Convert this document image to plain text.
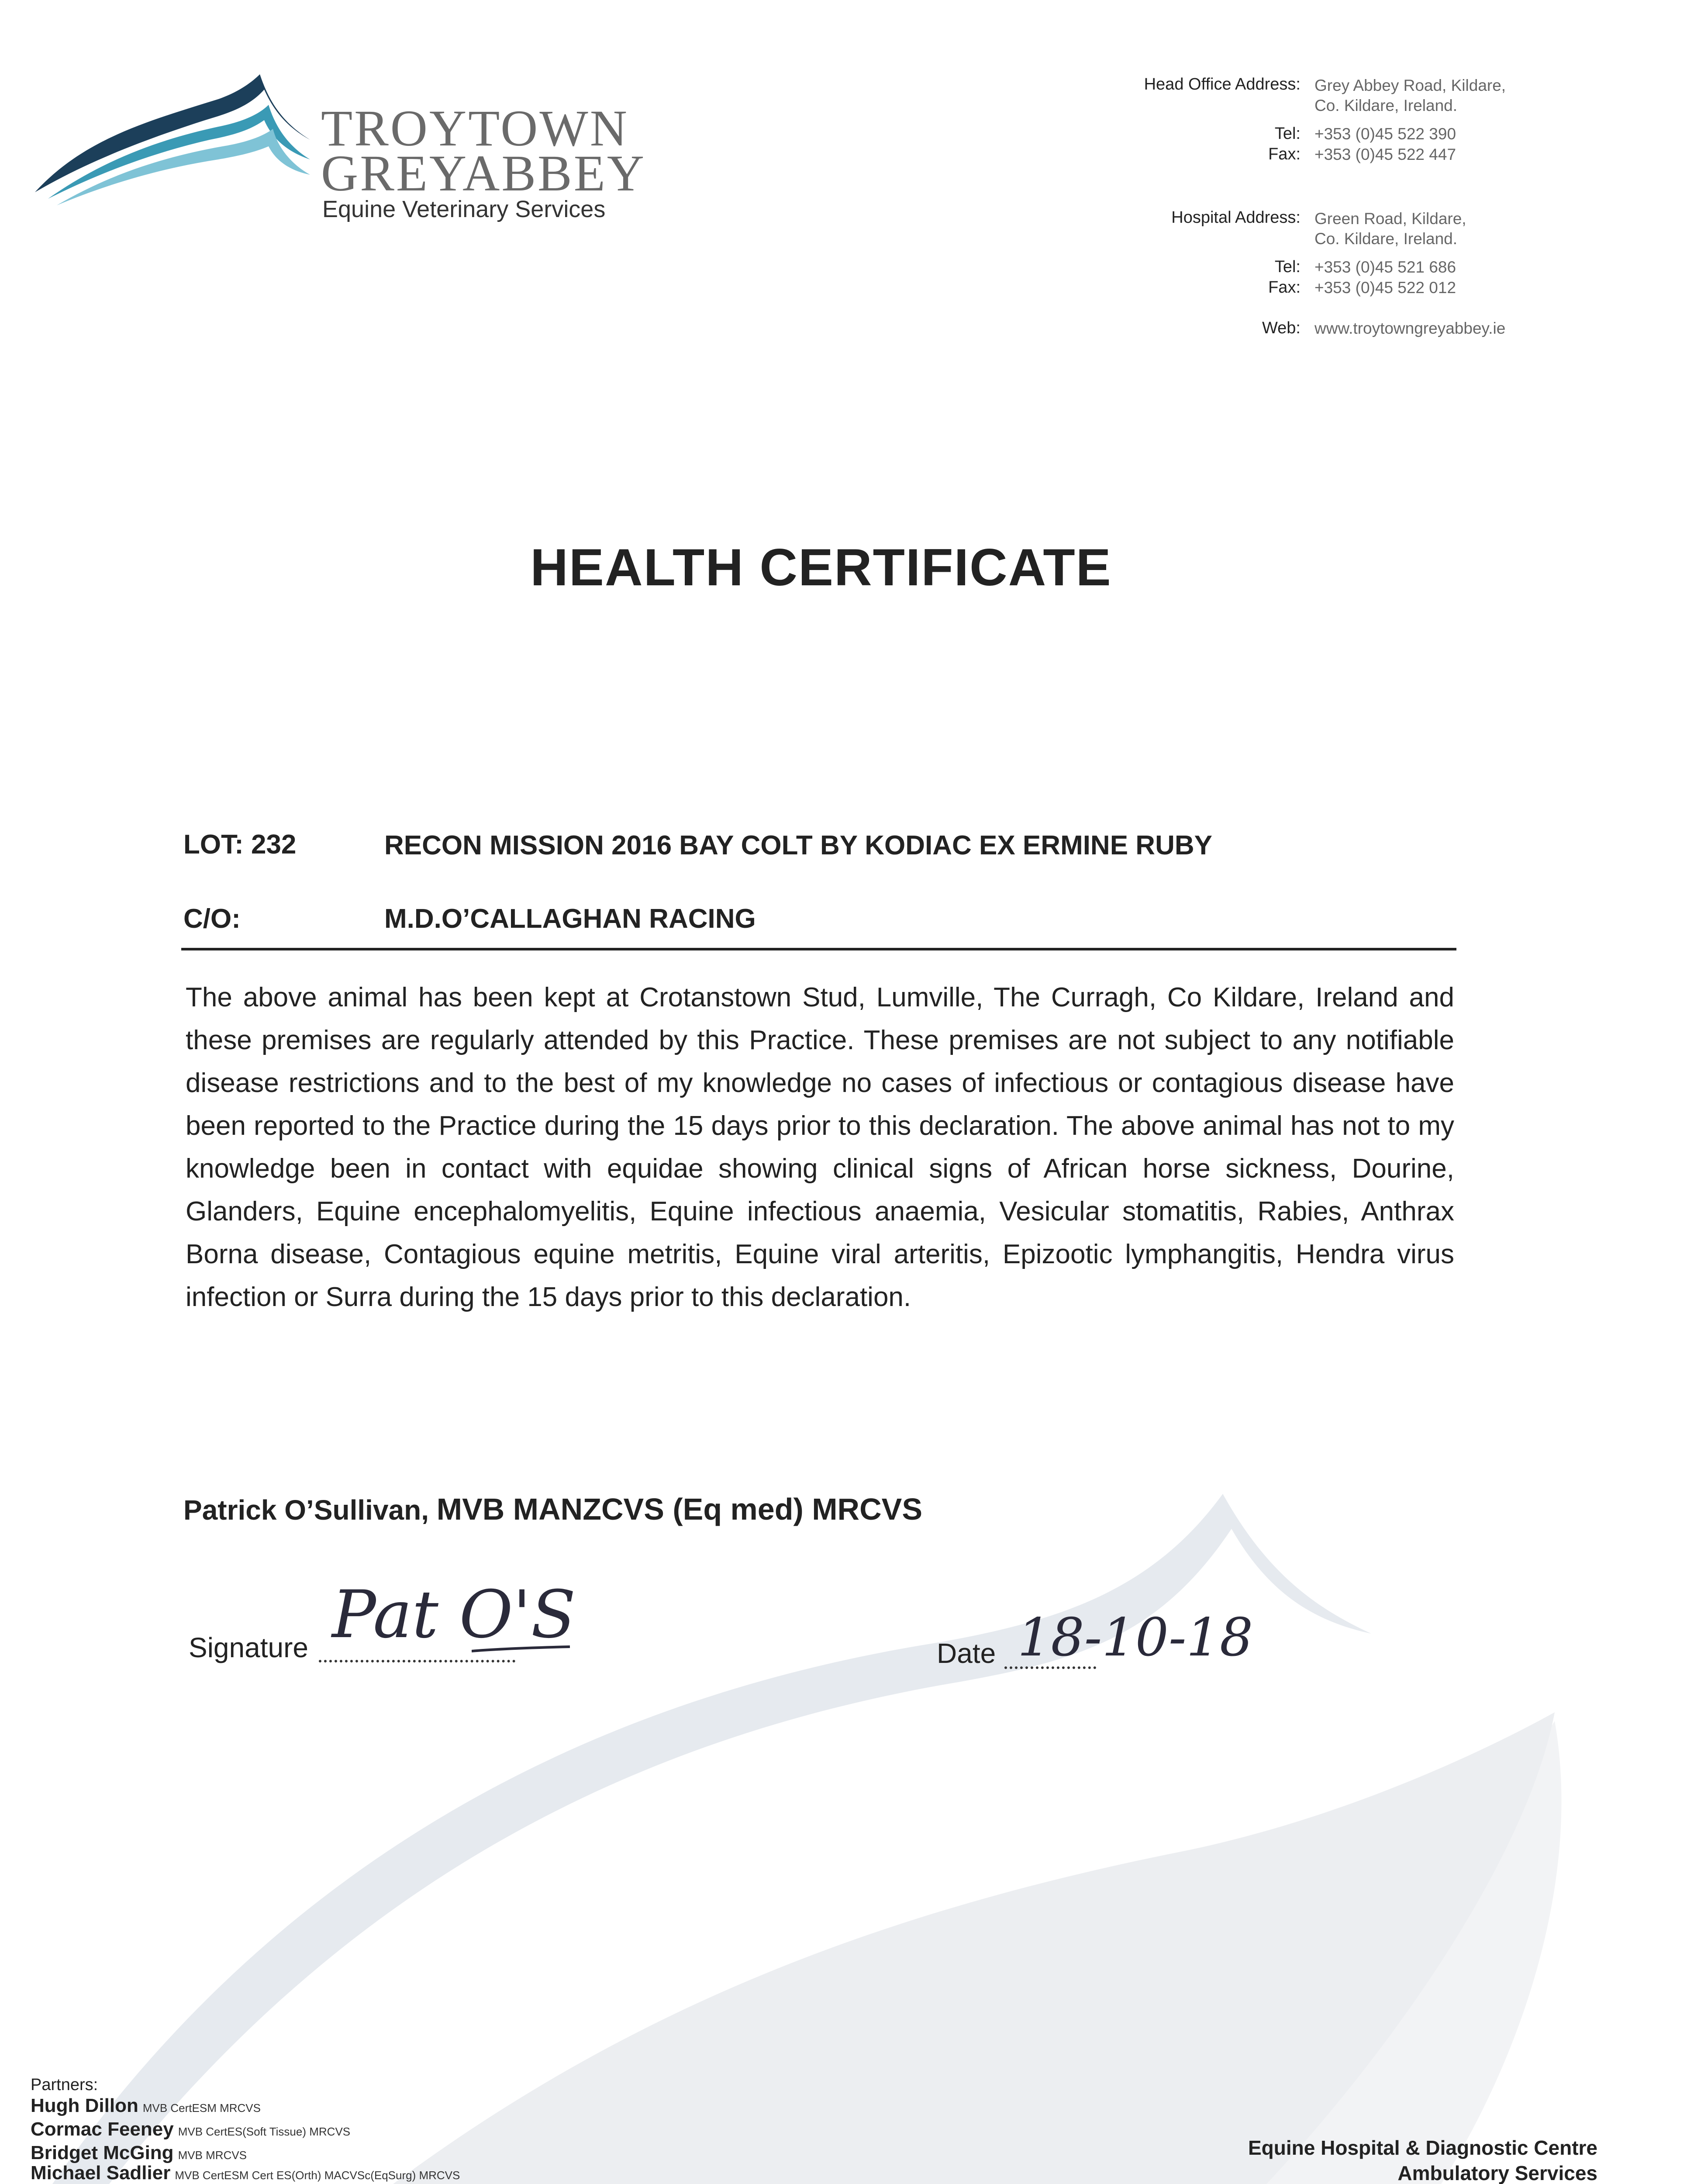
TROYTOWN
GREYABBEY
Equine Veterinary Services
Head Office Address: Grey Abbey Road, Kildare,
Co. Kildare, Ireland.
Tel: +353 (0)45 522 390
Fax: +353 (0)45 522 447
Hospital Address: Green Road, Kildare,
Co. Kildare, Ireland.
Tel: +353 (0)45 521 686
Fax: +353 (0)45 522 012
Web: www.troytowngreyabbey.ie
HEALTH CERTIFICATE
LOT: 232	RECON MISSION 2016 BAY COLT BY KODIAC EX ERMINE RUBY
C/O:	M.D.O’CALLAGHAN RACING
The above animal has been kept at Crotanstown Stud, Lumville, The Curragh, Co Kildare, Ireland and these premises are regularly attended by this Practice. These premises are not subject to any notifiable disease restrictions and to the best of my knowledge no cases of infectious or contagious disease have been reported to the Practice during the 15 days prior to this declaration. The above animal has not to my knowledge been in contact with equidae showing clinical signs of African horse sickness, Dourine, Glanders, Equine encephalomyelitis, Equine infectious anaemia, Vesicular stomatitis, Rabies, Anthrax Borna disease, Contagious equine metritis, Equine viral arteritis, Epizootic lymphangitis, Hendra virus infection or Surra during the 15 days prior to this declaration.
Patrick O’Sullivan, MVB MANZCVS (Eq med) MRCVS
Signature Pat O'S
Date 18-10-18
Partners:
Hugh Dillon MVB CertESM MRCVS
Cormac Feeney MVB CertES(Soft Tissue) MRCVS
Bridget McGing MVB MRCVS
Michael Sadlier MVB CertESM Cert ES(Orth) MACVSc(EqSurg) MRCVS
Equine Hospital & Diagnostic Centre
Ambulatory Services
